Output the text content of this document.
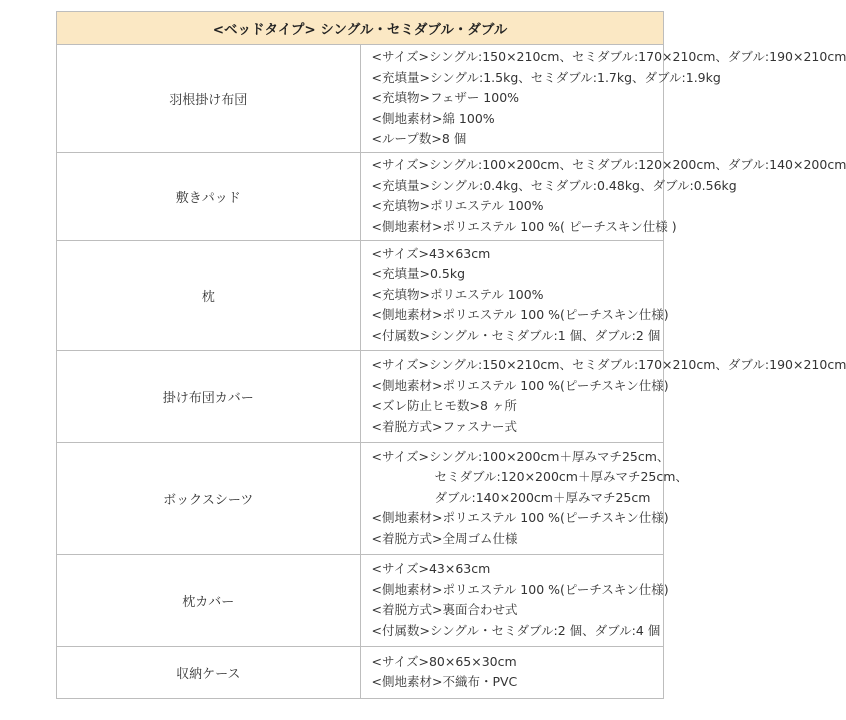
<ベッドタイプ> シングル・セミダブル・ダブル	
羽根掛け布団	<サイズ>シングル:150×210cm、セミダブル:170×210cm、ダブル:190×210cm
<充填量>シングル:1.5kg、セミダブル:1.7kg、ダブル:1.9kg
<充填物>フェザー 100%
<側地素材>綿 100%
<ループ数>8 個

敷きパッド	<サイズ>シングル:100×200cm、セミダブル:120×200cm、ダブル:140×200cm
<充填量>シングル:0.4kg、セミダブル:0.48kg、ダブル:0.56kg
<充填物>ポリエステル 100%
<側地素材>ポリエステル 100 %( ピーチスキン仕様 )

枕	<サイズ>43×63cm
<充填量>0.5kg
<充填物>ポリエステル 100%
<側地素材>ポリエステル 100 %(ピーチスキン仕様)
<付属数>シングル・セミダブル:1 個、ダブル:2 個

掛け布団カバー	<サイズ>シングル:150×210cm、セミダブル:170×210cm、ダブル:190×210cm
<側地素材>ポリエステル 100 %(ピーチスキン仕様)
<ズレ防止ヒモ数>8 ヶ所
<着脱方式>ファスナー式

ボックスシーツ	<サイズ>シングル:100×200cm＋厚みマチ25cm、
セミダブル:120×200cm＋厚みマチ25cm、
ダブル:140×200cm＋厚みマチ25cm
<側地素材>ポリエステル 100 %(ピーチスキン仕様)
<着脱方式>全周ゴム仕様

枕カバー	<サイズ>43×63cm
<側地素材>ポリエステル 100 %(ピーチスキン仕様)
<着脱方式>裏面合わせ式
<付属数>シングル・セミダブル:2 個、ダブル:4 個

収納ケース	<サイズ>80×65×30cm
<側地素材>不織布・PVC
